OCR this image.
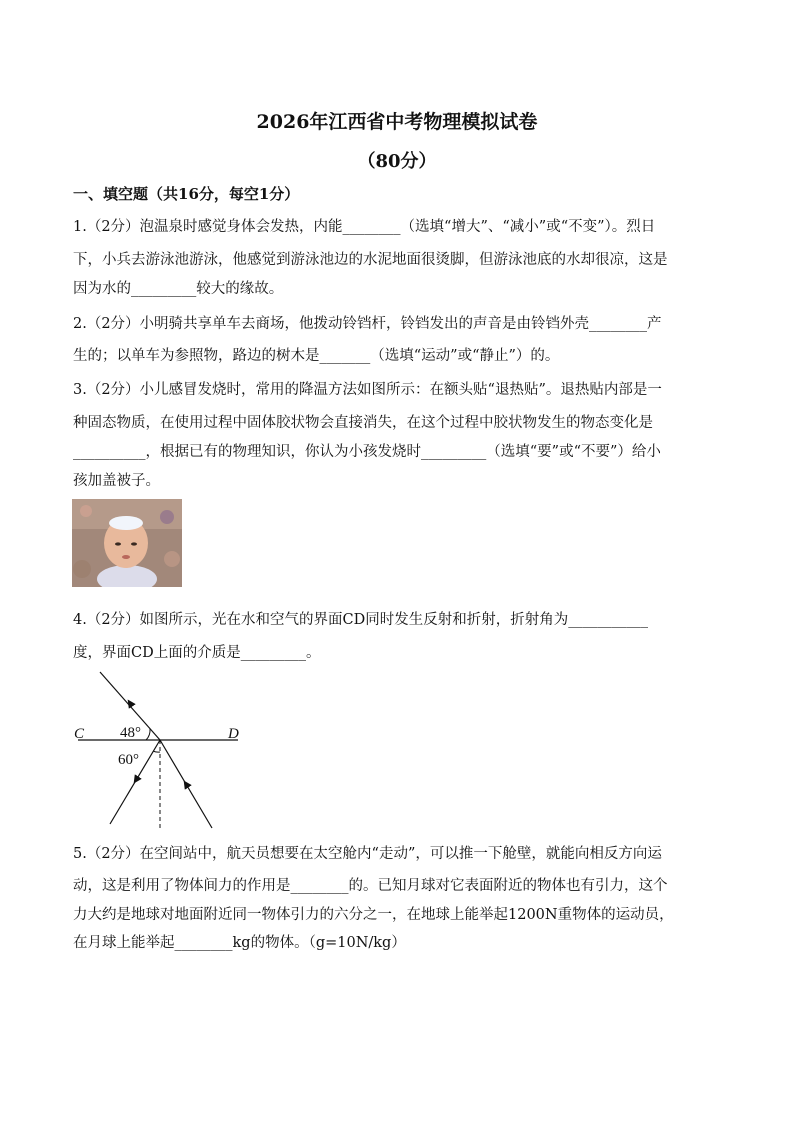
2026年江西省中考物理模拟试卷
（80分）
一、填空题（共16分，每空1分）
1.（2分）泡温泉时感觉身体会发热，内能________（选填“增大”、“减小”或“不变”）。烈日
下，小兵去游泳池游泳，他感觉到游泳池边的水泥地面很烫脚，但游泳池底的水却很凉，这是
因为水的_________较大的缘故。
2.（2分）小明骑共享单车去商场，他拨动铃铛杆，铃铛发出的声音是由铃铛外壳________产
生的；以单车为参照物，路边的树木是_______（选填“运动”或“静止”）的。
3.（2分）小儿感冒发烧时，常用的降温方法如图所示：在额头贴“退热贴”。退热贴内部是一
种固态物质，在使用过程中固体胶状物会直接消失，在这个过程中胶状物发生的物态变化是
__________，根据已有的物理知识，你认为小孩发烧时_________（选填“要”或“不要”）给小
孩加盖被子。
4.（2分）如图所示，光在水和空气的界面CD同时发生反射和折射，折射角为___________
度，界面CD上面的介质是_________。
C	D
48°
60°
5.（2分）在空间站中，航天员想要在太空舱内“走动”，可以推一下舱壁，就能向相反方向运
动，这是利用了物体间力的作用是________的。已知月球对它表面附近的物体也有引力，这个
力大约是地球对地面附近同一物体引力的六分之一，在地球上能举起1200N重物体的运动员，
在月球上能举起________kg的物体。（g=10N/kg）
